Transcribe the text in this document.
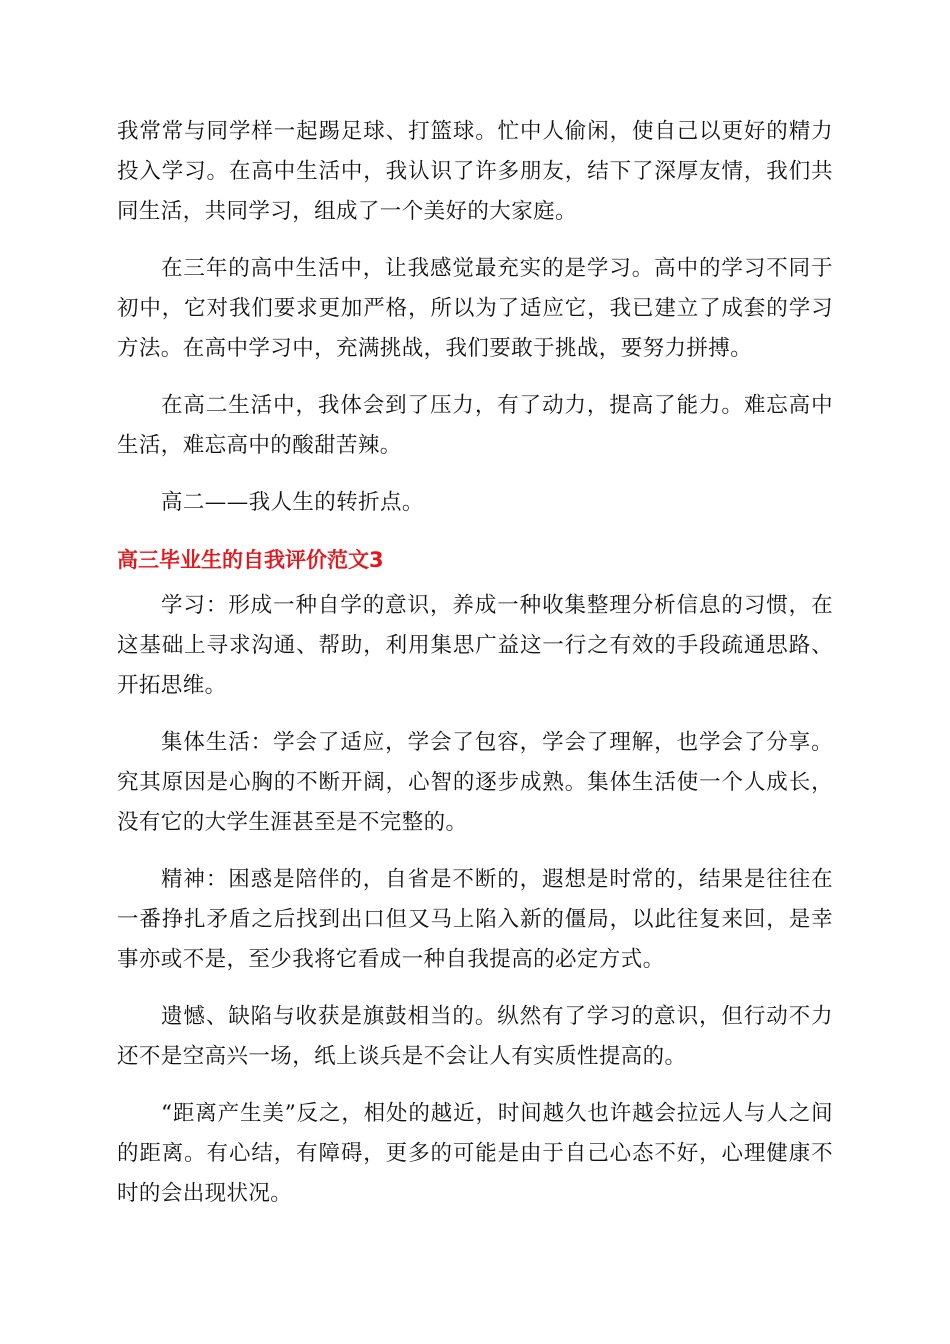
我常常与同学样一起踢足球、打篮球。忙中人偷闲，使自己以更好的精力投入学习。在高中生活中，我认识了许多朋友，结下了深厚友情，我们共同生活，共同学习，组成了一个美好的大家庭。

在三年的高中生活中，让我感觉最充实的是学习。高中的学习不同于初中，它对我们要求更加严格，所以为了适应它，我已建立了成套的学习方法。在高中学习中，充满挑战，我们要敢于挑战，要努力拼搏。

在高二生活中，我体会到了压力，有了动力，提高了能力。难忘高中生活，难忘高中的酸甜苦辣。

高二——我人生的转折点。

高三毕业生的自我评价范文3

学习：形成一种自学的意识，养成一种收集整理分析信息的习惯，在这基础上寻求沟通、帮助，利用集思广益这一行之有效的手段疏通思路、开拓思维。

集体生活：学会了适应，学会了包容，学会了理解，也学会了分享。究其原因是心胸的不断开阔，心智的逐步成熟。集体生活使一个人成长，没有它的大学生涯甚至是不完整的。

精神：困惑是陪伴的，自省是不断的，遐想是时常的，结果是往往在一番挣扎矛盾之后找到出口但又马上陷入新的僵局，以此往复来回，是幸事亦或不是，至少我将它看成一种自我提高的必定方式。

遗憾、缺陷与收获是旗鼓相当的。纵然有了学习的意识，但行动不力还不是空高兴一场，纸上谈兵是不会让人有实质性提高的。

“距离产生美”反之，相处的越近，时间越久也许越会拉远人与人之间的距离。有心结，有障碍，更多的可能是由于自己心态不好，心理健康不时的会出现状况。
